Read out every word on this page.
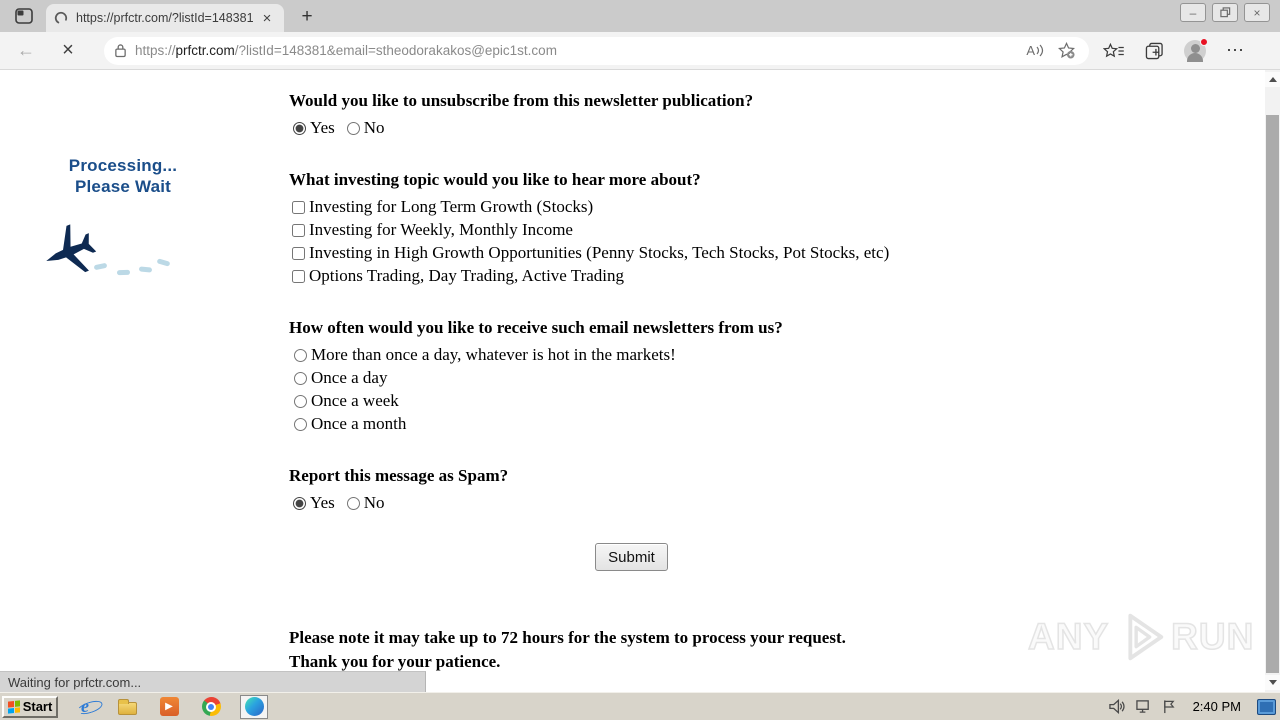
https://prfctr.com/?listId=148381 × +	–	×
←	×	https://prfctr.com/?listId=148381&email=stheodorakakos@epic1st.com	A	⋯
Processing...
Please Wait
Would you like to unsubscribe from this newsletter publication?
Yes No
What investing topic would you like to hear more about?
Investing for Long Term Growth (Stocks)
Investing for Weekly, Monthly Income
Investing in High Growth Opportunities (Penny Stocks, Tech Stocks, Pot Stocks, etc)
Options Trading, Day Trading, Active Trading
How often would you like to receive such email newsletters from us?
More than once a day, whatever is hot in the markets!
Once a day
Once a week
Once a month
Report this message as Spam?
Yes No
Submit
Please note it may take up to 72 hours for the system to process your request.
Thank you for your patience.
ANY RUN
Waiting for prfctr.com...
Start e	▶	2:40 PM
